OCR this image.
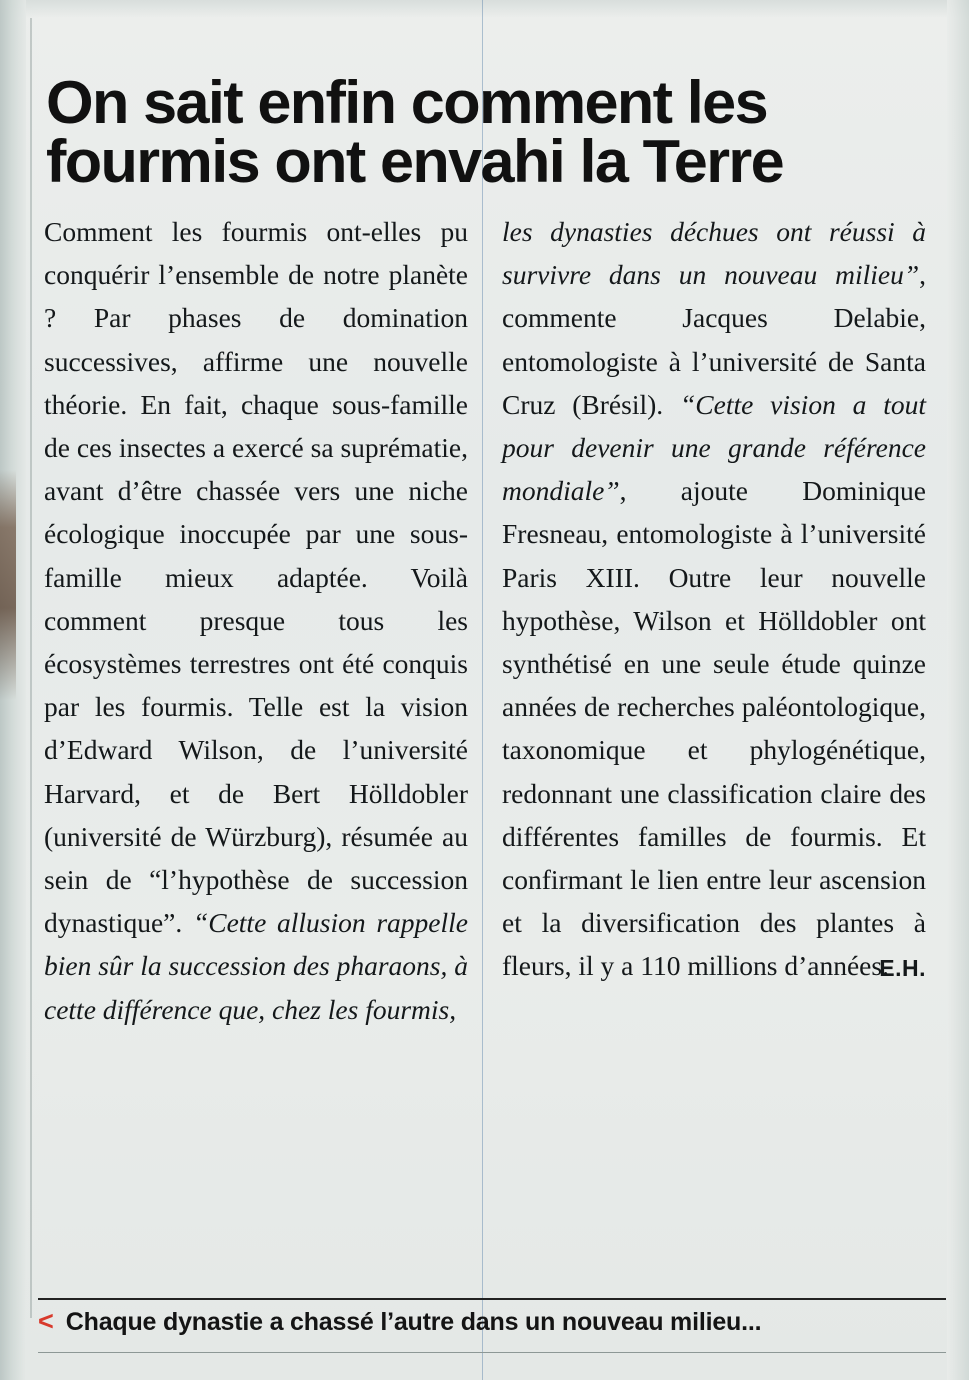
On sait enfin comment les
fourmis ont envahi la Terre

Comment les fourmis ont-elles pu conquérir l’ensemble de notre planète ? Par phases de domination successives, affirme une nouvelle théorie. En fait, chaque sous-famille de ces insectes a exercé sa suprématie, avant d’être chassée vers une niche écologique inoccupée par une sous-famille mieux adaptée. Voilà comment presque tous les écosystèmes terrestres ont été conquis par les fourmis. Telle est la vision d’Edward Wilson, de l’université Harvard, et de Bert Hölldobler (université de Würzburg), résumée au sein de “l’hypothèse de succession dynastique”. “Cette allusion rappelle bien sûr la succession des pharaons, à cette différence que, chez les fourmis,

les dynasties déchues ont réussi à survivre dans un nouveau milieu”, commente Jacques Delabie, entomologiste à l’université de Santa Cruz (Brésil). “Cette vision a tout pour devenir une grande référence mondiale”, ajoute Dominique Fresneau, entomologiste à l’université Paris XIII. Outre leur nouvelle hypothèse, Wilson et Hölldobler ont synthétisé en une seule étude quinze années de recherches paléontologique, taxonomique et phylogénétique, redonnant une classification claire des différentes familles de fourmis. Et confirmant le lien entre leur ascension et la diversification des plantes à fleurs, il y a 110 millions d’années.

E.H.
< Chaque dynastie a chassé l’autre dans un nouveau milieu...
